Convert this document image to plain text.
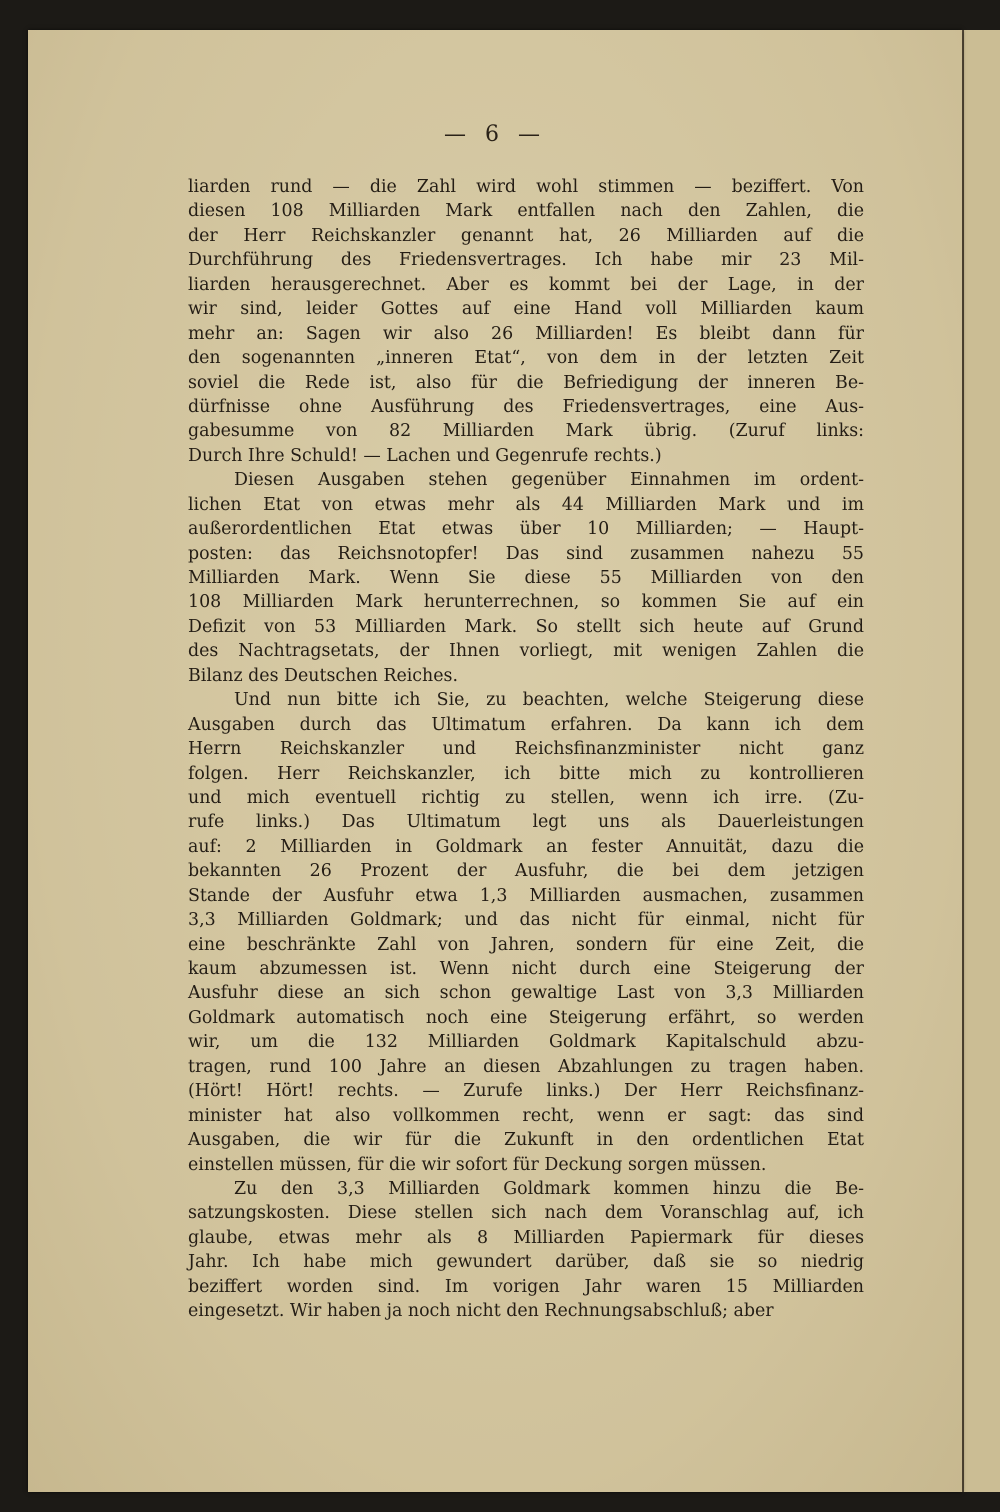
— 6 —
liarden rund — die Zahl wird wohl stimmen — beziffert. Von
diesen 108 Milliarden Mark entfallen nach den Zahlen, die
der Herr Reichskanzler genannt hat, 26 Milliarden auf die
Durchführung des Friedensvertrages. Ich habe mir 23 Mil-
liarden herausgerechnet. Aber es kommt bei der Lage, in der
wir sind, leider Gottes auf eine Hand voll Milliarden kaum
mehr an: Sagen wir also 26 Milliarden! Es bleibt dann für
den sogenannten „inneren Etat“, von dem in der letzten Zeit
soviel die Rede ist, also für die Befriedigung der inneren Be-
dürfnisse ohne Ausführung des Friedensvertrages, eine Aus-
gabesumme von 82 Milliarden Mark übrig. (Zuruf links:
Durch Ihre Schuld! — Lachen und Gegenrufe rechts.)
Diesen Ausgaben stehen gegenüber Einnahmen im ordent-
lichen Etat von etwas mehr als 44 Milliarden Mark und im
außerordentlichen Etat etwas über 10 Milliarden; — Haupt-
posten: das Reichsnotopfer! Das sind zusammen nahezu 55
Milliarden Mark. Wenn Sie diese 55 Milliarden von den
108 Milliarden Mark herunterrechnen, so kommen Sie auf ein
Defizit von 53 Milliarden Mark. So stellt sich heute auf Grund
des Nachtragsetats, der Ihnen vorliegt, mit wenigen Zahlen die
Bilanz des Deutschen Reiches.
Und nun bitte ich Sie, zu beachten, welche Steigerung diese
Ausgaben durch das Ultimatum erfahren. Da kann ich dem
Herrn Reichskanzler und Reichsfinanzminister nicht ganz
folgen. Herr Reichskanzler, ich bitte mich zu kontrollieren
und mich eventuell richtig zu stellen, wenn ich irre. (Zu-
rufe links.) Das Ultimatum legt uns als Dauerleistungen
auf: 2 Milliarden in Goldmark an fester Annuität, dazu die
bekannten 26 Prozent der Ausfuhr, die bei dem jetzigen
Stande der Ausfuhr etwa 1,3 Milliarden ausmachen, zusammen
3,3 Milliarden Goldmark; und das nicht für einmal, nicht für
eine beschränkte Zahl von Jahren, sondern für eine Zeit, die
kaum abzumessen ist. Wenn nicht durch eine Steigerung der
Ausfuhr diese an sich schon gewaltige Last von 3,3 Milliarden
Goldmark automatisch noch eine Steigerung erfährt, so werden
wir, um die 132 Milliarden Goldmark Kapitalschuld abzu-
tragen, rund 100 Jahre an diesen Abzahlungen zu tragen haben.
(Hört! Hört! rechts. — Zurufe links.) Der Herr Reichsfinanz-
minister hat also vollkommen recht, wenn er sagt: das sind
Ausgaben, die wir für die Zukunft in den ordentlichen Etat
einstellen müssen, für die wir sofort für Deckung sorgen müssen.
Zu den 3,3 Milliarden Goldmark kommen hinzu die Be-
satzungskosten. Diese stellen sich nach dem Voranschlag auf, ich
glaube, etwas mehr als 8 Milliarden Papiermark für dieses
Jahr. Ich habe mich gewundert darüber, daß sie so niedrig
beziffert worden sind. Im vorigen Jahr waren 15 Milliarden
eingesetzt. Wir haben ja noch nicht den Rechnungsabschluß; aber
